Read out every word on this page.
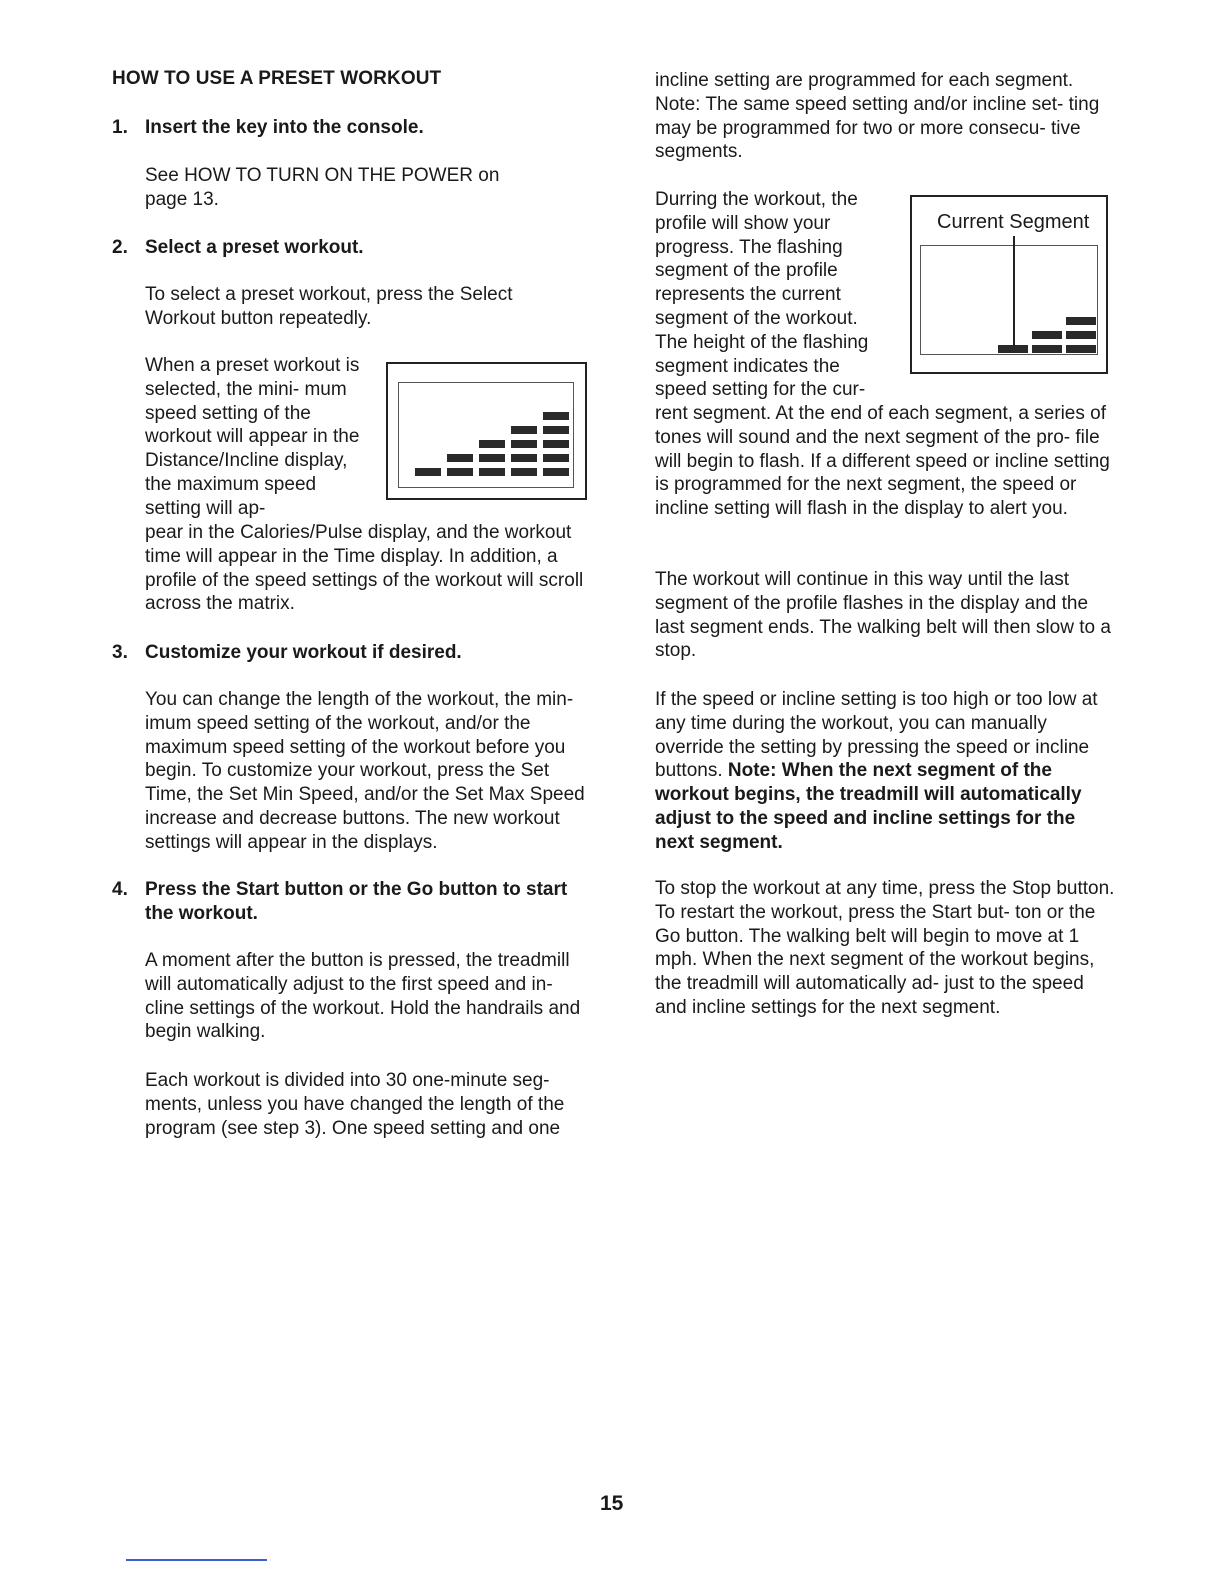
HOW TO USE A PRESET WORKOUT
1. Insert the key into the console.
See HOW TO TURN ON THE POWER on page 13.
2. Select a preset workout.
To select a preset workout, press the Select Workout button repeatedly.
When a preset workout is selected, the mini- mum speed setting of the workout will appear in the Distance/Incline display, the maximum speed setting will ap-
pear in the Calories/Pulse display, and the workout time will appear in the Time display. In addition, a profile of the speed settings of the workout will scroll across the matrix.
3. Customize your workout if desired.
You can change the length of the workout, the min- imum speed setting of the workout, and/or the maximum speed setting of the workout before you begin. To customize your workout, press the Set Time, the Set Min Speed, and/or the Set Max Speed increase and decrease buttons. The new workout settings will appear in the displays.
4. Press the Start button or the Go button to start the workout.
A moment after the button is pressed, the treadmill will automatically adjust to the first speed and in- cline settings of the workout. Hold the handrails and begin walking.
Each workout is divided into 30 one-minute seg- ments, unless you have changed the length of the program (see step 3). One speed setting and one
incline setting are programmed for each segment. Note: The same speed setting and/or incline set- ting may be programmed for two or more consecu- tive segments.
Durring the workout, the profile will show your progress. The flashing segment of the profile represents the current segment of the workout. The height of the flashing segment indicates the speed setting for the cur-
rent segment. At the end of each segment, a series of tones will sound and the next segment of the pro- file will begin to flash. If a different speed or incline setting is programmed for the next segment, the speed or incline setting will flash in the display to alert you.
Current Segment
The workout will continue in this way until the last segment of the profile flashes in the display and the last segment ends. The walking belt will then slow to a stop.
If the speed or incline setting is too high or too low at any time during the workout, you can manually override the setting by pressing the speed or incline buttons. Note: When the next segment of the workout begins, the treadmill will automatically adjust to the speed and incline settings for the next segment.
To stop the workout at any time, press the Stop button. To restart the workout, press the Start but- ton or the Go button. The walking belt will begin to move at 1 mph. When the next segment of the workout begins, the treadmill will automatically ad- just to the speed and incline settings for the next segment.
15
